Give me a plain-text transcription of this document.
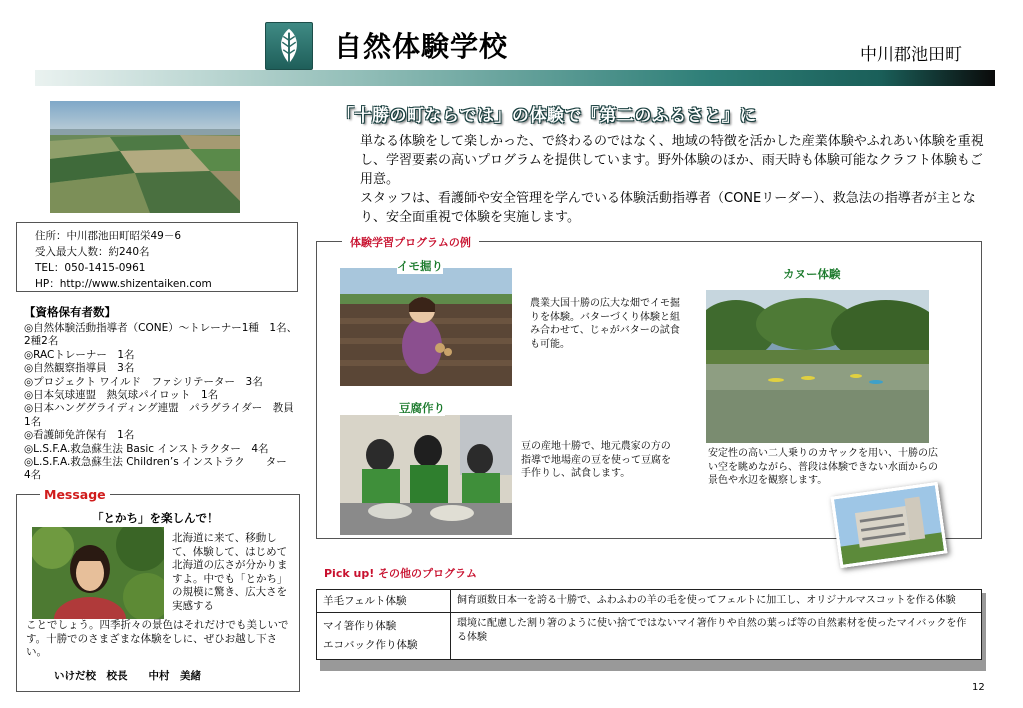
自然体験学校	中川郡池田町
住所：中川郡池田町昭栄49－6
受入最大人数：約240名
TEL：050-1415-0961
HP：http://www.shizentaiken.com
【資格保有者数】
◎自然体験活動指導者（CONE）～トレーナー1種　1名、2種2名
◎RACトレーナー　1名
◎自然観察指導員　3名
◎プロジェクト ワイルド　ファシリテーター　3名
◎日本気球連盟　熱気球パイロット　1名
◎日本ハンググライディング連盟　パラグライダー　教員　1名
◎看護師免許保有　1名
◎L.S.F.A.救急蘇生法 Basic インストラクター　4名
◎L.S.F.A.救急蘇生法 Children’s インストラク　　ター　4名
Message
「とかち」を楽しんで！
北海道に来て、移動して、体験して、はじめて北海道の広さが分かりますよ。中でも「とかち」の規模に驚き、広大さを実感する
ことでしょう。四季折々の景色はそれだけでも美しいです。十勝でのさまざまな体験をしに、ぜひお越し下さい。
いけだ校　校長　　中村　美緒
「十勝の町ならでは」の体験で『第二のふるさと』に
単なる体験をして楽しかった、で終わるのではなく、地域の特徴を活かした産業体験やふれあい体験を重視し、学習要素の高いプログラムを提供しています。野外体験のほか、雨天時も体験可能なクラフト体験もご用意。
スタッフは、看護師や安全管理を学んでいる体験活動指導者（CONEリーダー）、救急法の指導者が主となり、安全面重視で体験を実施します。
体験学習プログラムの例
イモ掘り
農業大国十勝の広大な畑でイモ掘りを体験。バターづくり体験と組み合わせて、じゃがバターの試食も可能。
豆腐作り
豆の産地十勝で、地元農家の方の指導で地場産の豆を使って豆腐を手作りし、試食します。
カヌー体験
安定性の高い二人乗りのカヤックを用い、十勝の広い空を眺めながら、普段は体験できない水面からの景色や水辺を観察します。
Pick up! その他のプログラム
羊毛フェルト体験	飼育頭数日本一を誇る十勝で、ふわふわの羊の毛を使ってフェルトに加工し、オリジナルマスコットを作る体験

マイ箸作り体験
エコバック作り体験	環境に配慮した割り箸のように使い捨てではないマイ箸作りや自然の葉っぱ等の自然素材を使ったマイバックを作る体験
12
